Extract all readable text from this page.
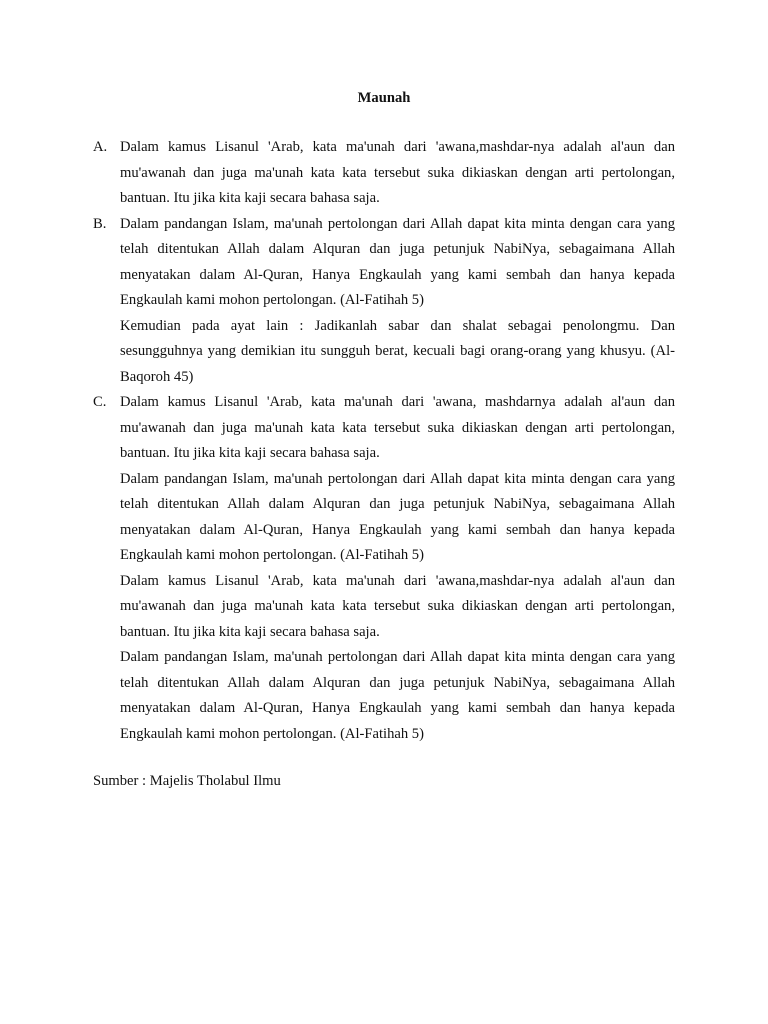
Maunah
A. Dalam kamus Lisanul 'Arab, kata ma'unah dari 'awana,mashdar-nya adalah al'aun dan mu'awanah dan juga ma'unah kata kata tersebut suka dikiaskan dengan arti pertolongan, bantuan. Itu jika kita kaji secara bahasa saja.
B. Dalam pandangan Islam, ma'unah pertolongan dari Allah dapat kita minta dengan cara yang telah ditentukan Allah dalam Alquran dan juga petunjuk NabiNya, sebagaimana Allah menyatakan dalam Al-Quran, Hanya Engkaulah yang kami sembah dan hanya kepada Engkaulah kami mohon pertolongan. (Al-Fatihah 5)
Kemudian pada ayat lain : Jadikanlah sabar dan shalat sebagai penolongmu. Dan sesungguhnya yang demikian itu sungguh berat, kecuali bagi orang-orang yang khusyu. (Al-Baqoroh 45)
C. Dalam kamus Lisanul 'Arab, kata ma'unah dari 'awana, mashdarnya adalah al'aun dan mu'awanah dan juga ma'unah kata kata tersebut suka dikiaskan dengan arti pertolongan, bantuan. Itu jika kita kaji secara bahasa saja.
Dalam pandangan Islam, ma'unah pertolongan dari Allah dapat kita minta dengan cara yang telah ditentukan Allah dalam Alquran dan juga petunjuk NabiNya, sebagaimana Allah menyatakan dalam Al-Quran, Hanya Engkaulah yang kami sembah dan hanya kepada Engkaulah kami mohon pertolongan. (Al-Fatihah 5)
Dalam kamus Lisanul 'Arab, kata ma'unah dari 'awana,mashdar-nya adalah al'aun dan mu'awanah dan juga ma'unah kata kata tersebut suka dikiaskan dengan arti pertolongan, bantuan. Itu jika kita kaji secara bahasa saja.
Dalam pandangan Islam, ma'unah pertolongan dari Allah dapat kita minta dengan cara yang telah ditentukan Allah dalam Alquran dan juga petunjuk NabiNya, sebagaimana Allah menyatakan dalam Al-Quran, Hanya Engkaulah yang kami sembah dan hanya kepada Engkaulah kami mohon pertolongan. (Al-Fatihah 5)
Sumber : Majelis Tholabul Ilmu
